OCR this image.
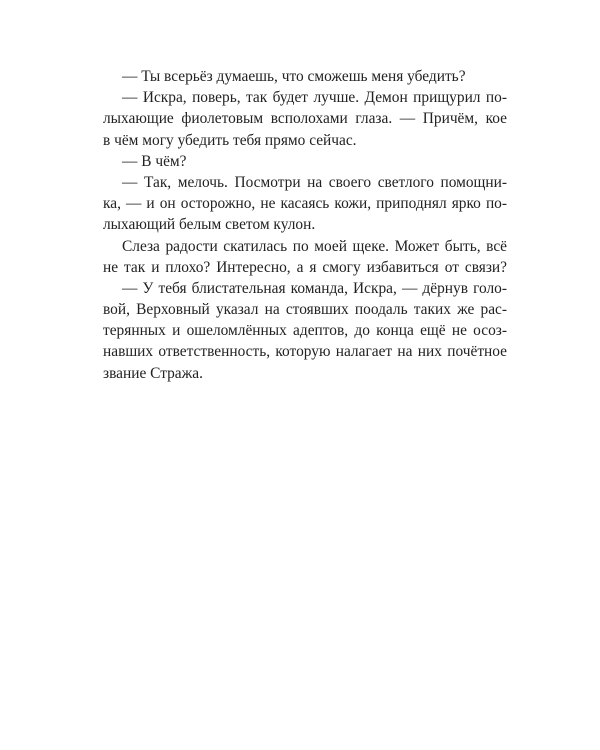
— Ты всерьёз думаешь, что сможешь меня убедить?
— Искра, поверь, так будет лучше. Демон прищурил по-
лыхающие фиолетовым всполохами глаза. — Причём, кое
в чём могу убедить тебя прямо сейчас.
— В чём?
— Так, мелочь. Посмотри на своего светлого помощни-
ка, — и он осторожно, не касаясь кожи, приподнял ярко по-
лыхающий белым светом кулон.
Слеза радости скатилась по моей щеке. Может быть, всё
не так и плохо? Интересно, а я смогу избавиться от связи?
— У тебя блистательная команда, Искра, — дёрнув голо-
вой, Верховный указал на стоявших поодаль таких же рас-
терянных и ошеломлённых адептов, до конца ещё не осоз-
навших ответственность, которую налагает на них почётное
звание Стража.
